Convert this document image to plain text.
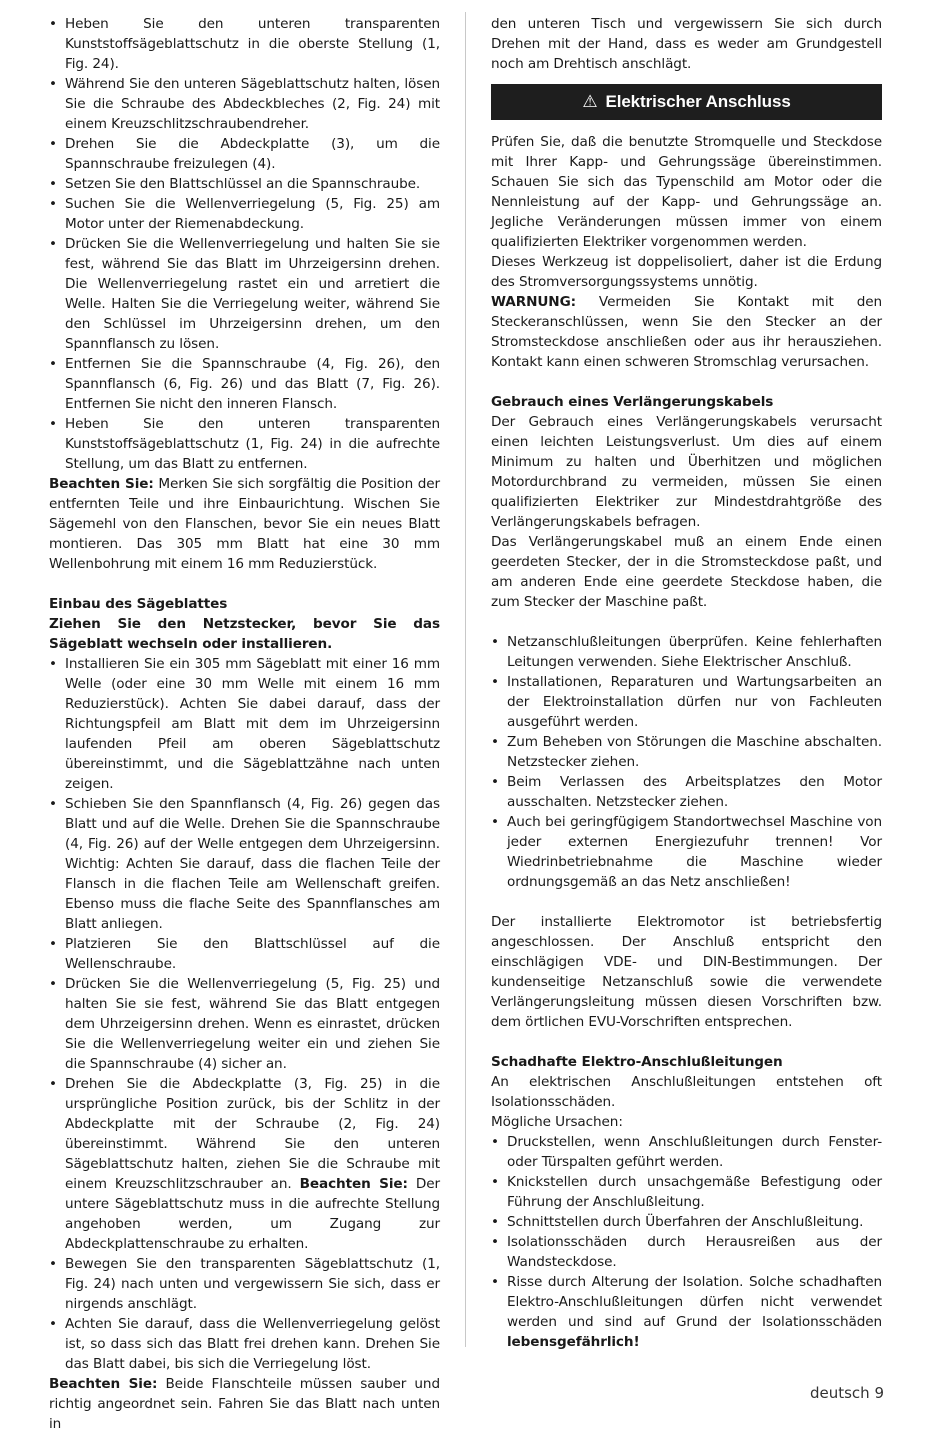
• Heben Sie den unteren transparenten Kunststoffsägeblattschutz in die oberste Stellung (1, Fig. 24).

• Während Sie den unteren Sägeblattschutz halten, lösen Sie die Schraube des Abdeckbleches (2, Fig. 24) mit einem Kreuzschlitzschraubendreher.

• Drehen Sie die Abdeckplatte (3), um die Spannschraube freizulegen (4).

• Setzen Sie den Blattschlüssel an die Spannschraube.

• Suchen Sie die Wellenverriegelung (5, Fig. 25) am Motor unter der Riemenabdeckung.

• Drücken Sie die Wellenverriegelung und halten Sie sie fest, während Sie das Blatt im Uhrzeigersinn drehen. Die Wellenverriegelung rastet ein und arretiert die Welle. Halten Sie die Verriegelung weiter, während Sie den Schlüssel im Uhrzeigersinn drehen, um den Spannflansch zu lösen.

• Entfernen Sie die Spannschraube (4, Fig. 26), den Spannflansch (6, Fig. 26) und das Blatt (7, Fig. 26). Entfernen Sie nicht den inneren Flansch.

• Heben Sie den unteren transparenten Kunststoffsägeblattschutz (1, Fig. 24) in die aufrechte Stellung, um das Blatt zu entfernen.

Beachten Sie: Merken Sie sich sorgfältig die Position der entfernten Teile und ihre Einbaurichtung. Wischen Sie Sägemehl von den Flanschen, bevor Sie ein neues Blatt montieren. Das 305 mm Blatt hat eine 30 mm Wellenbohrung mit einem 16 mm Reduzierstück.

Einbau des Sägeblattes

Ziehen Sie den Netzstecker, bevor Sie das Sägeblatt wechseln oder installieren.

• Installieren Sie ein 305 mm Sägeblatt mit einer 16 mm Welle (oder eine 30 mm Welle mit einem 16 mm Reduzierstück). Achten Sie dabei darauf, dass der Richtungspfeil am Blatt mit dem im Uhrzeigersinn laufenden Pfeil am oberen Sägeblattschutz übereinstimmt, und die Sägeblattzähne nach unten zeigen.

• Schieben Sie den Spannflansch (4, Fig. 26) gegen das Blatt und auf die Welle. Drehen Sie die Spannschraube (4, Fig. 26) auf der Welle entgegen dem Uhrzeigersinn. Wichtig: Achten Sie darauf, dass die flachen Teile der Flansch in die flachen Teile am Wellenschaft greifen. Ebenso muss die flache Seite des Spannflansches am Blatt anliegen.

• Platzieren Sie den Blattschlüssel auf die Wellenschraube.

• Drücken Sie die Wellenverriegelung (5, Fig. 25) und halten Sie sie fest, während Sie das Blatt entgegen dem Uhrzeigersinn drehen. Wenn es einrastet, drücken Sie die Wellenverriegelung weiter ein und ziehen Sie die Spannschraube (4) sicher an.

• Drehen Sie die Abdeckplatte (3, Fig. 25) in die ursprüngliche Position zurück, bis der Schlitz in der Abdeckplatte mit der Schraube (2, Fig. 24) übereinstimmt. Während Sie den unteren Sägeblattschutz halten, ziehen Sie die Schraube mit einem Kreuzschlitzschrauber an. Beachten Sie: Der untere Sägeblattschutz muss in die aufrechte Stellung angehoben werden, um Zugang zur Abdeckplattenschraube zu erhalten.

• Bewegen Sie den transparenten Sägeblattschutz (1, Fig. 24) nach unten und vergewissern Sie sich, dass er nirgends anschlägt.

• Achten Sie darauf, dass die Wellenverriegelung gelöst ist, so dass sich das Blatt frei drehen kann. Drehen Sie das Blatt dabei, bis sich die Verriegelung löst.

Beachten Sie: Beide Flanschteile müssen sauber und richtig angeordnet sein. Fahren Sie das Blatt nach unten in

den unteren Tisch und vergewissern Sie sich durch Drehen mit der Hand, dass es weder am Grundgestell noch am Drehtisch anschlägt.

⚠ Elektrischer Anschluss

Prüfen Sie, daß die benutzte Stromquelle und Steckdose mit Ihrer Kapp- und Gehrungssäge übereinstimmen. Schauen Sie sich das Typenschild am Motor oder die Nennleistung auf der Kapp- und Gehrungssäge an. Jegliche Veränderungen müssen immer von einem qualifizierten Elektriker vorgenommen werden.

Dieses Werkzeug ist doppelisoliert, daher ist die Erdung des Stromversorgungssystems unnötig.

WARNUNG: Vermeiden Sie Kontakt mit den Steckeranschlüssen, wenn Sie den Stecker an der Stromsteckdose anschließen oder aus ihr herausziehen. Kontakt kann einen schweren Stromschlag verursachen.

Gebrauch eines Verlängerungskabels

Der Gebrauch eines Verlängerungskabels verursacht einen leichten Leistungsverlust. Um dies auf einem Minimum zu halten und Überhitzen und möglichen Motordurchbrand zu vermeiden, müssen Sie einen qualifizierten Elektriker zur Mindestdrahtgröße des Verlängerungskabels befragen.

Das Verlängerungskabel muß an einem Ende einen geerdeten Stecker, der in die Stromsteckdose paßt, und am anderen Ende eine geerdete Steckdose haben, die zum Stecker der Maschine paßt.

• Netzanschlußleitungen überprüfen. Keine fehlerhaften Leitungen verwenden. Siehe Elektrischer Anschluß.

• Installationen, Reparaturen und Wartungsarbeiten an der Elektroinstallation dürfen nur von Fachleuten ausgeführt werden.

• Zum Beheben von Störungen die Maschine abschalten. Netzstecker ziehen.

• Beim Verlassen des Arbeitsplatzes den Motor ausschalten. Netzstecker ziehen.

• Auch bei geringfügigem Standortwechsel Maschine von jeder externen Energiezufuhr trennen! Vor Wiedrinbetriebnahme die Maschine wieder ordnungsgemäß an das Netz anschließen!

Der installierte Elektromotor ist betriebsfertig angeschlossen. Der Anschluß entspricht den einschlägigen VDE- und DIN-Bestimmungen. Der kundenseitige Netzanschluß sowie die verwendete Verlängerungsleitung müssen diesen Vorschriften bzw. dem örtlichen EVU-Vorschriften entsprechen.

Schadhafte Elektro-Anschlußleitungen

An elektrischen Anschlußleitungen entstehen oft Isolationsschäden.

Mögliche Ursachen:

• Druckstellen, wenn Anschlußleitungen durch Fenster- oder Türspalten geführt werden.

• Knickstellen durch unsachgemäße Befestigung oder Führung der Anschlußleitung.

• Schnittstellen durch Überfahren der Anschlußleitung.

• Isolationsschäden durch Herausreißen aus der Wandsteckdose.

• Risse durch Alterung der Isolation. Solche schadhaften Elektro-Anschlußleitungen dürfen nicht verwendet werden und sind auf Grund der Isolationsschäden lebensgefährlich!

deutsch 9
